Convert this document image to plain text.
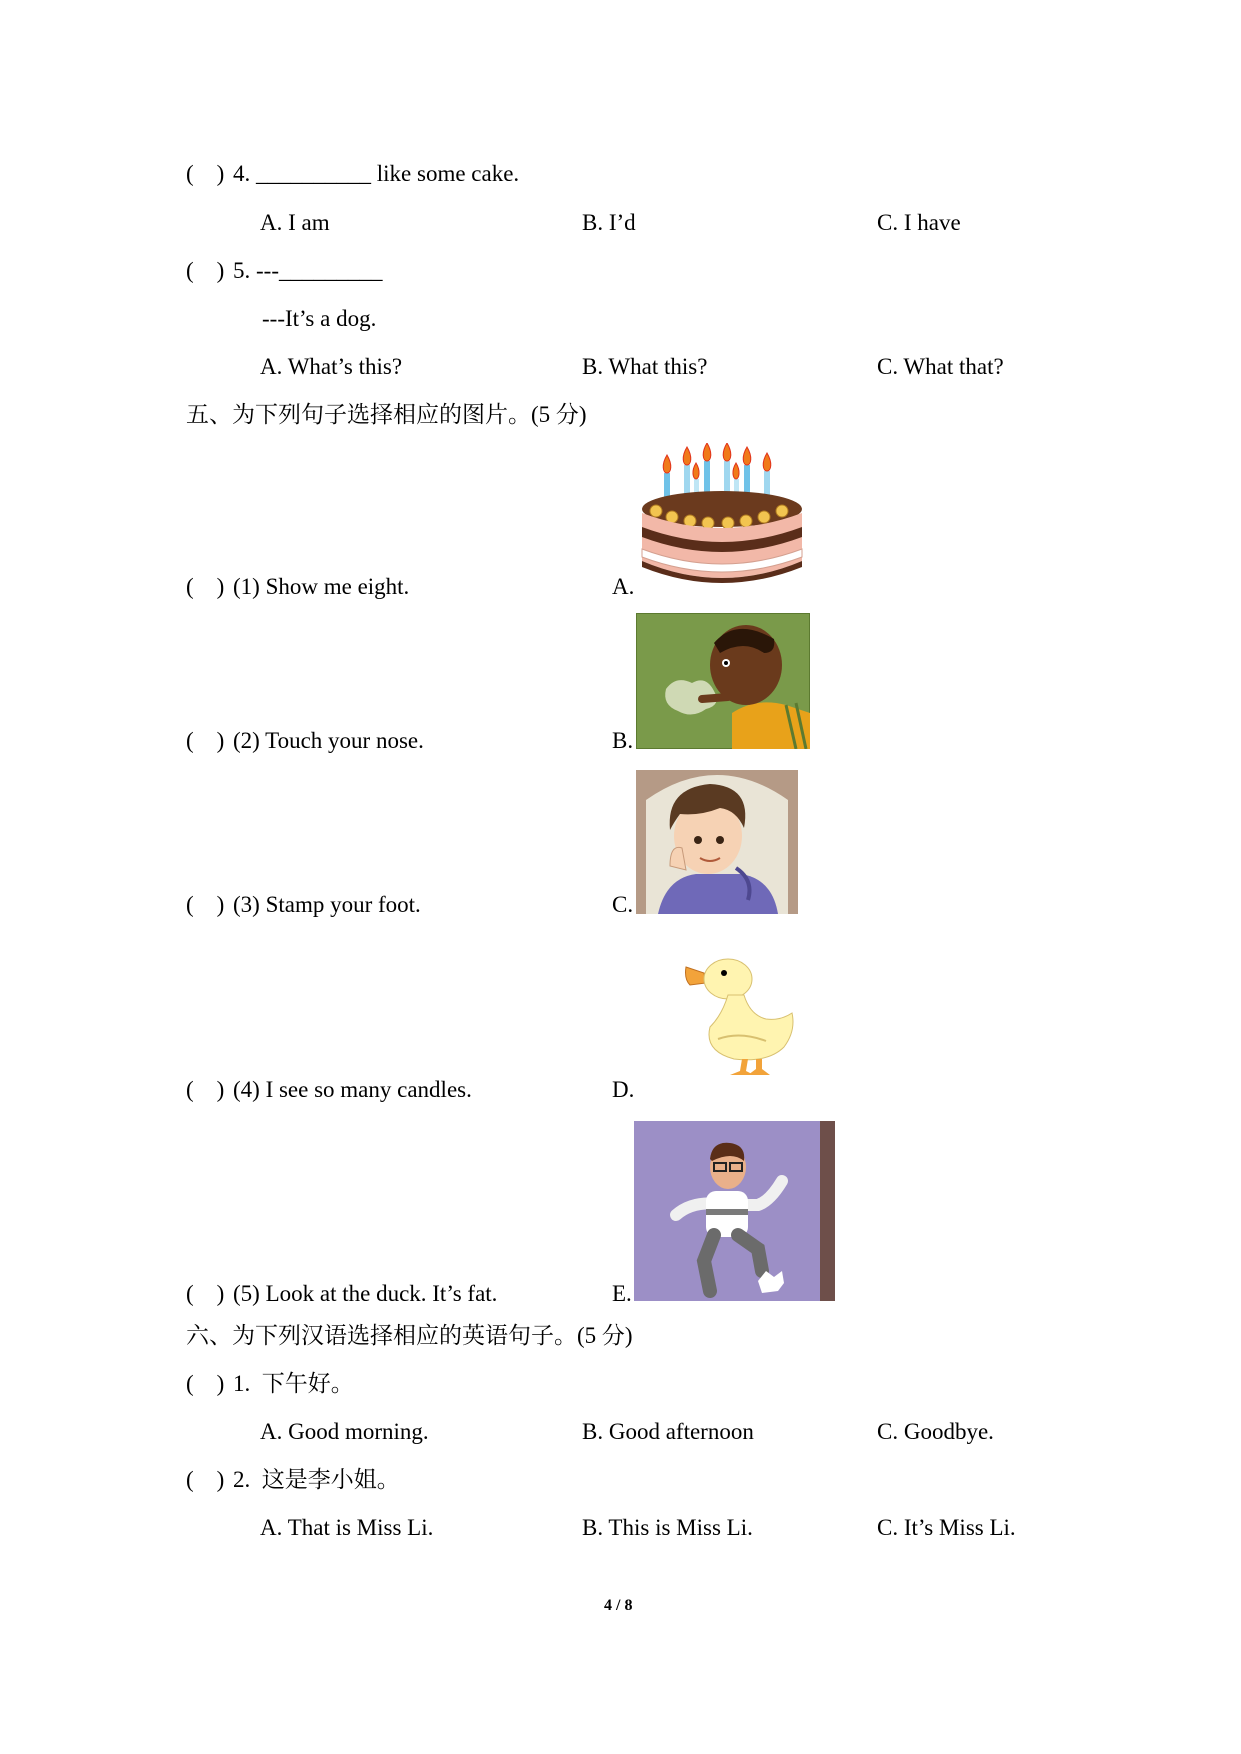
(    ) 4. __________ like some cake.
A. I am	B. I’d	C. I have
(    ) 5. ---_________
---It’s a dog.
A. What’s this?	B. What this?	C. What that?
五、为下列句子选择相应的图片。(5 分)
(    ) (1) Show me eight.	A.
(    ) (2) Touch your nose.	B.
(    ) (3) Stamp your foot.	C.
(    ) (4) I see so many candles.	D.
(    ) (5) Look at the duck. It’s fat.	E.
六、为下列汉语选择相应的英语句子。(5 分)
(    ) 1.  下午好。
A. Good morning.	B. Good afternoon	C. Goodbye.
(    ) 2.  这是李小姐。
A. That is Miss Li.	B. This is Miss Li.	C. It’s Miss Li.
4 / 8
